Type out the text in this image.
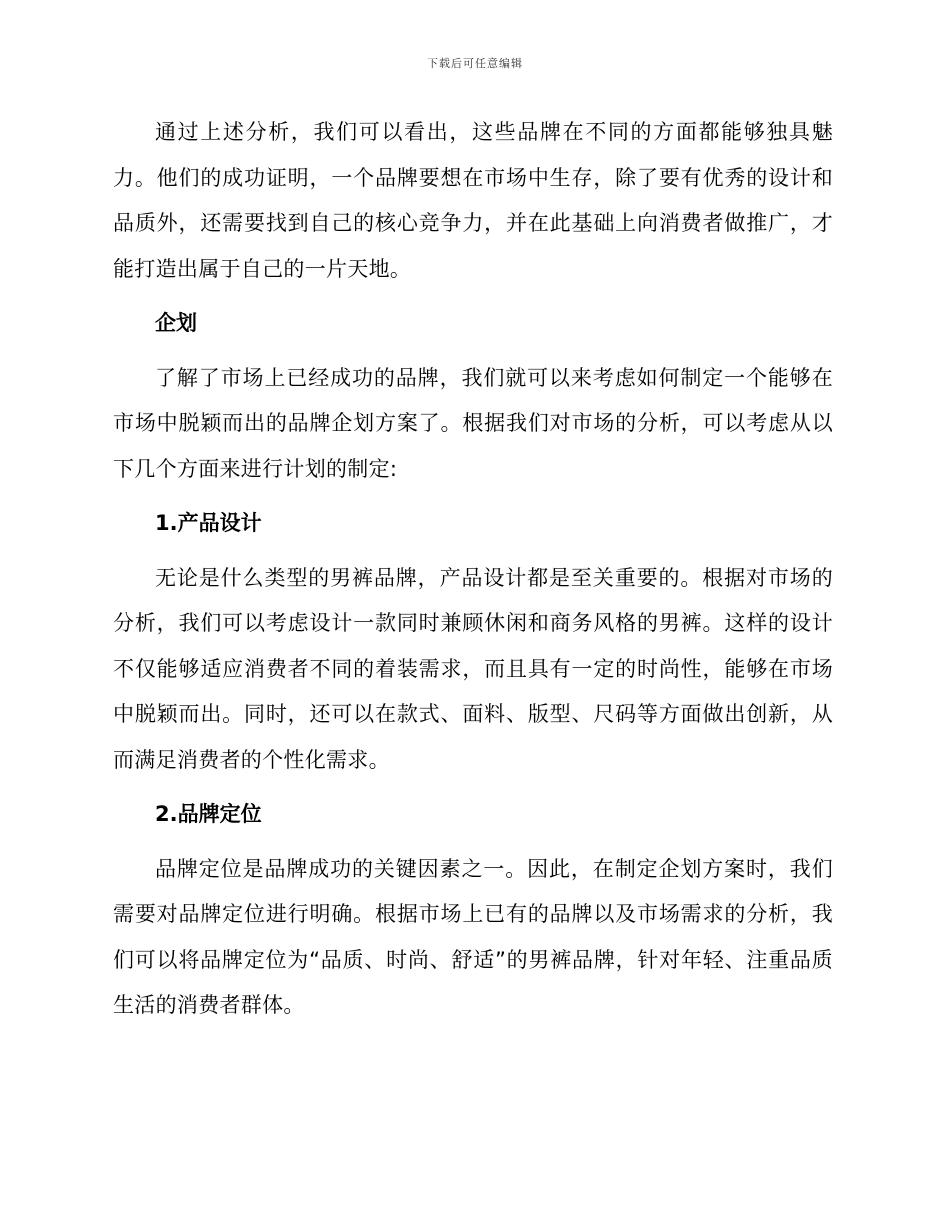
下载后可任意编辑

通过上述分析，我们可以看出，这些品牌在不同的方面都能够独具魅力。他们的成功证明，一个品牌要想在市场中生存，除了要有优秀的设计和品质外，还需要找到自己的核心竞争力，并在此基础上向消费者做推广，才能打造出属于自己的一片天地。

企划

了解了市场上已经成功的品牌，我们就可以来考虑如何制定一个能够在市场中脱颖而出的品牌企划方案了。根据我们对市场的分析，可以考虑从以下几个方面来进行计划的制定:

1.产品设计

无论是什么类型的男裤品牌，产品设计都是至关重要的。根据对市场的分析，我们可以考虑设计一款同时兼顾休闲和商务风格的男裤。这样的设计不仅能够适应消费者不同的着装需求，而且具有一定的时尚性，能够在市场中脱颖而出。同时，还可以在款式、面料、版型、尺码等方面做出创新，从而满足消费者的个性化需求。

2.品牌定位

品牌定位是品牌成功的关键因素之一。因此，在制定企划方案时，我们需要对品牌定位进行明确。根据市场上已有的品牌以及市场需求的分析，我们可以将品牌定位为“品质、时尚、舒适”的男裤品牌，针对年轻、注重品质生活的消费者群体。
